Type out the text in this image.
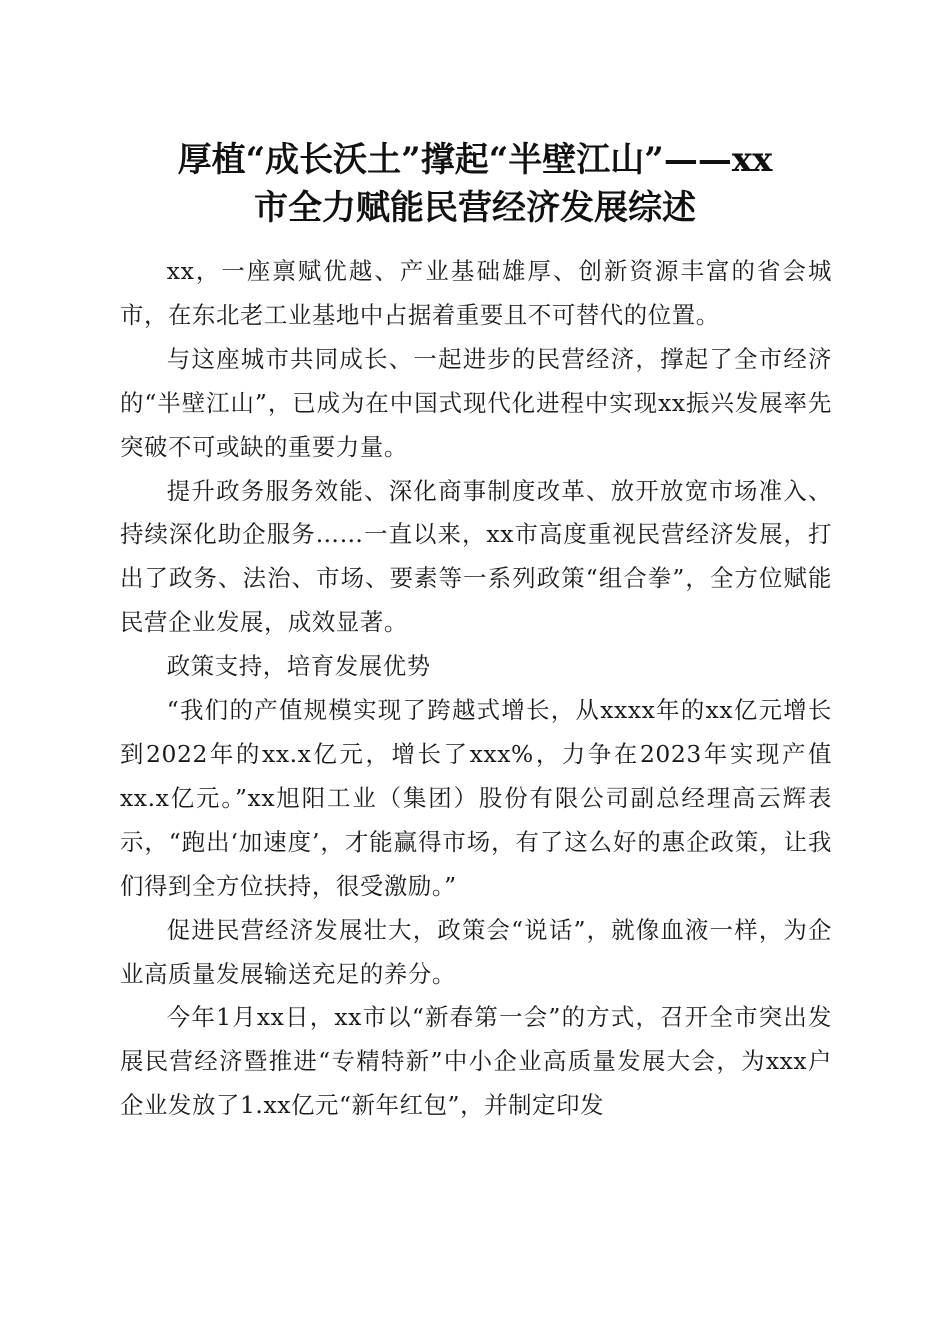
厚植“成长沃土”撑起“半壁江山”——xx
市全力赋能民营经济发展综述

xx，一座禀赋优越、产业基础雄厚、创新资源丰富的省会城市，在东北老工业基地中占据着重要且不可替代的位置。

与这座城市共同成长、一起进步的民营经济，撑起了全市经济的“半壁江山”，已成为在中国式现代化进程中实现xx振兴发展率先突破不可或缺的重要力量。

提升政务服务效能、深化商事制度改革、放开放宽市场准入、持续深化助企服务……一直以来，xx市高度重视民营经济发展，打出了政务、法治、市场、要素等一系列政策“组合拳”，全方位赋能民营企业发展，成效显著。

政策支持，培育发展优势

“我们的产值规模实现了跨越式增长，从xxxx年的xx亿元增长到2022年的xx.x亿元，增长了xxx%，力争在2023年实现产值xx.x亿元。”xx旭阳工业（集团）股份有限公司副总经理高云辉表示，“跑出‘加速度’，才能赢得市场，有了这么好的惠企政策，让我们得到全方位扶持，很受激励。”

促进民营经济发展壮大，政策会“说话”，就像血液一样，为企业高质量发展输送充足的养分。

今年1月xx日，xx市以“新春第一会”的方式，召开全市突出发展民营经济暨推进“专精特新”中小企业高质量发展大会，为xxx户企业发放了1.xx亿元“新年红包”，并制定印发
